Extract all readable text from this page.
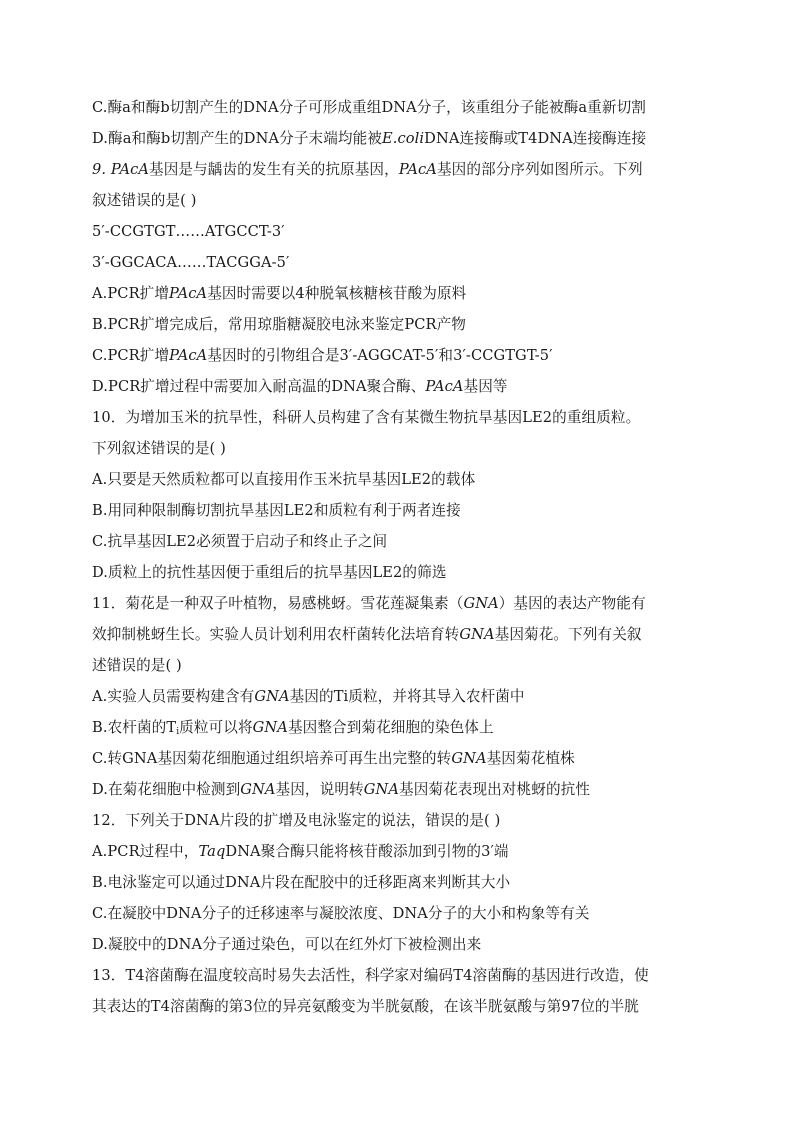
C.酶a和酶b切割产生的DNA分子可形成重组DNA分子，该重组分子能被酶a重新切割
D.酶a和酶b切割产生的DNA分子末端均能被E.coliDNA连接酶或T4DNA连接酶连接
9. PAcA基因是与龋齿的发生有关的抗原基因，PAcA基因的部分序列如图所示。下列
叙述错误的是( )
5′-CCGTGT……ATGCCT-3′
3′-GGCACA……TACGGA-5′
A.PCR扩增PAcA基因时需要以4种脱氧核糖核苷酸为原料
B.PCR扩增完成后，常用琼脂糖凝胶电泳来鉴定PCR产物
C.PCR扩增PAcA基因时的引物组合是3′-AGGCAT-5′和3′-CCGTGT-5′
D.PCR扩增过程中需要加入耐高温的DNA聚合酶、PAcA基因等
10．为增加玉米的抗旱性，科研人员构建了含有某微生物抗旱基因LE2的重组质粒。
下列叙述错误的是( )
A.只要是天然质粒都可以直接用作玉米抗旱基因LE2的载体
B.用同种限制酶切割抗旱基因LE2和质粒有利于两者连接
C.抗旱基因LE2必须置于启动子和终止子之间
D.质粒上的抗性基因便于重组后的抗旱基因LE2的筛选
11．菊花是一种双子叶植物，易感桃蚜。雪花莲凝集素（GNA）基因的表达产物能有
效抑制桃蚜生长。实验人员计划利用农杆菌转化法培育转GNA基因菊花。下列有关叙
述错误的是( )
A.实验人员需要构建含有GNA基因的Ti质粒，并将其导入农杆菌中
B.农杆菌的$T_i$质粒可以将GNA基因整合到菊花细胞的染色体上
C.转GNA基因菊花细胞通过组织培养可再生出完整的转GNA基因菊花植株
D.在菊花细胞中检测到GNA基因，说明转GNA基因菊花表现出对桃蚜的抗性
12．下列关于DNA片段的扩增及电泳鉴定的说法，错误的是( )
A.PCR过程中，TaqDNA聚合酶只能将核苷酸添加到引物的3′端
B.电泳鉴定可以通过DNA片段在配胶中的迁移距离来判断其大小
C.在凝胶中DNA分子的迁移速率与凝胶浓度、DNA分子的大小和构象等有关
D.凝胶中的DNA分子通过染色，可以在红外灯下被检测出来
13．T4溶菌酶在温度较高时易失去活性，科学家对编码T4溶菌酶的基因进行改造，使
其表达的T4溶菌酶的第3位的异亮氨酸变为半胱氨酸，在该半胱氨酸与第97位的半胱
